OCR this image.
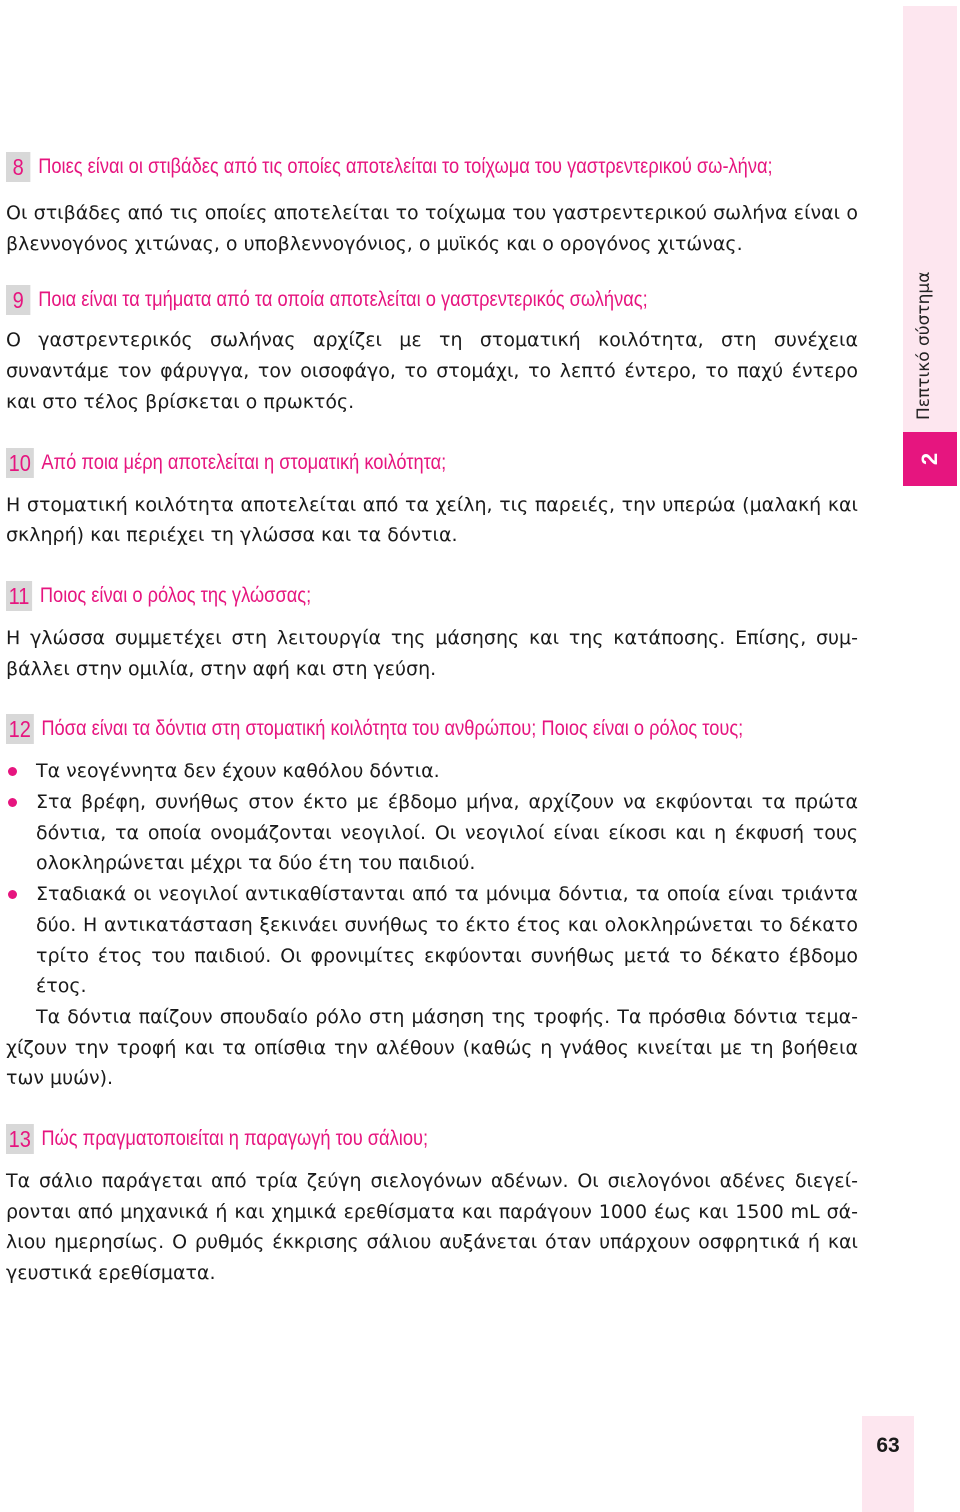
Πεπτικό σύστημα
2
8 Ποιες είναι οι στιβάδες από τις οποίες αποτελείται το τοίχωμα του γαστρεντερικού σω-λήνα;

Οι στιβάδες από τις οποίες αποτελείται το τοίχωμα του γαστρεντερικού σωλήνα είναι ο βλεννογόνος χιτώνας, ο υποβλεννογόνιος, ο μυϊκός και ο ορογόνος χιτώνας.

9 Ποια είναι τα τμήματα από τα οποία αποτελείται ο γαστρεντερικός σωλήνας;

Ο γαστρεντερικός σωλήνας αρχίζει με τη στοματική κοιλότητα, στη συνέχεια συναντάμε τον φάρυγγα, τον οισοφάγο, το στομάχι, το λεπτό έντερο, το παχύ έντερο και στο τέλος βρίσκεται ο πρωκτός.

10 Από ποια μέρη αποτελείται η στοματική κοιλότητα;

Η στοματική κοιλότητα αποτελείται από τα χείλη, τις παρειές, την υπερώα (μαλακή και σκληρή) και περιέχει τη γλώσσα και τα δόντια.

11 Ποιος είναι ο ρόλος της γλώσσας;

Η γλώσσα συμμετέχει στη λειτουργία της μάσησης και της κατάποσης. Επίσης, συμ-βάλλει στην ομιλία, στην αφή και στη γεύση.

12 Πόσα είναι τα δόντια στη στοματική κοιλότητα του ανθρώπου; Ποιος είναι ο ρόλος τους;
Τα νεογέννητα δεν έχουν καθόλου δόντια.
Στα βρέφη, συνήθως στον έκτο με έβδομο μήνα, αρχίζουν να εκφύονται τα πρώτα δόντια, τα οποία ονομάζονται νεογιλοί. Οι νεογιλοί είναι είκοσι και η έκφυσή τους ολοκληρώνεται μέχρι τα δύο έτη του παιδιού.
Σταδιακά οι νεογιλοί αντικαθίστανται από τα μόνιμα δόντια, τα οποία είναι τριάντα δύο. Η αντικατάσταση ξεκινάει συνήθως το έκτο έτος και ολοκληρώνεται το δέκατο τρίτο έτος του παιδιού. Οι φρονιμίτες εκφύονται συνήθως μετά το δέκατο έβδομο έτος.

Τα δόντια παίζουν σπουδαίο ρόλο στη μάσηση της τροφής. Τα πρόσθια δόντια τεμα-χίζουν την τροφή και τα οπίσθια την αλέθουν (καθώς η γνάθος κινείται με τη βοήθεια των μυών).

13 Πώς πραγματοποιείται η παραγωγή του σάλιου;

Τα σάλιο παράγεται από τρία ζεύγη σιελογόνων αδένων. Οι σιελογόνοι αδένες διεγεί-ρονται από μηχανικά ή και χημικά ερεθίσματα και παράγουν 1000 έως και 1500 mL σά-λιου ημερησίως. Ο ρυθμός έκκρισης σάλιου αυξάνεται όταν υπάρχουν οσφρητικά ή και γευστικά ερεθίσματα.

63
